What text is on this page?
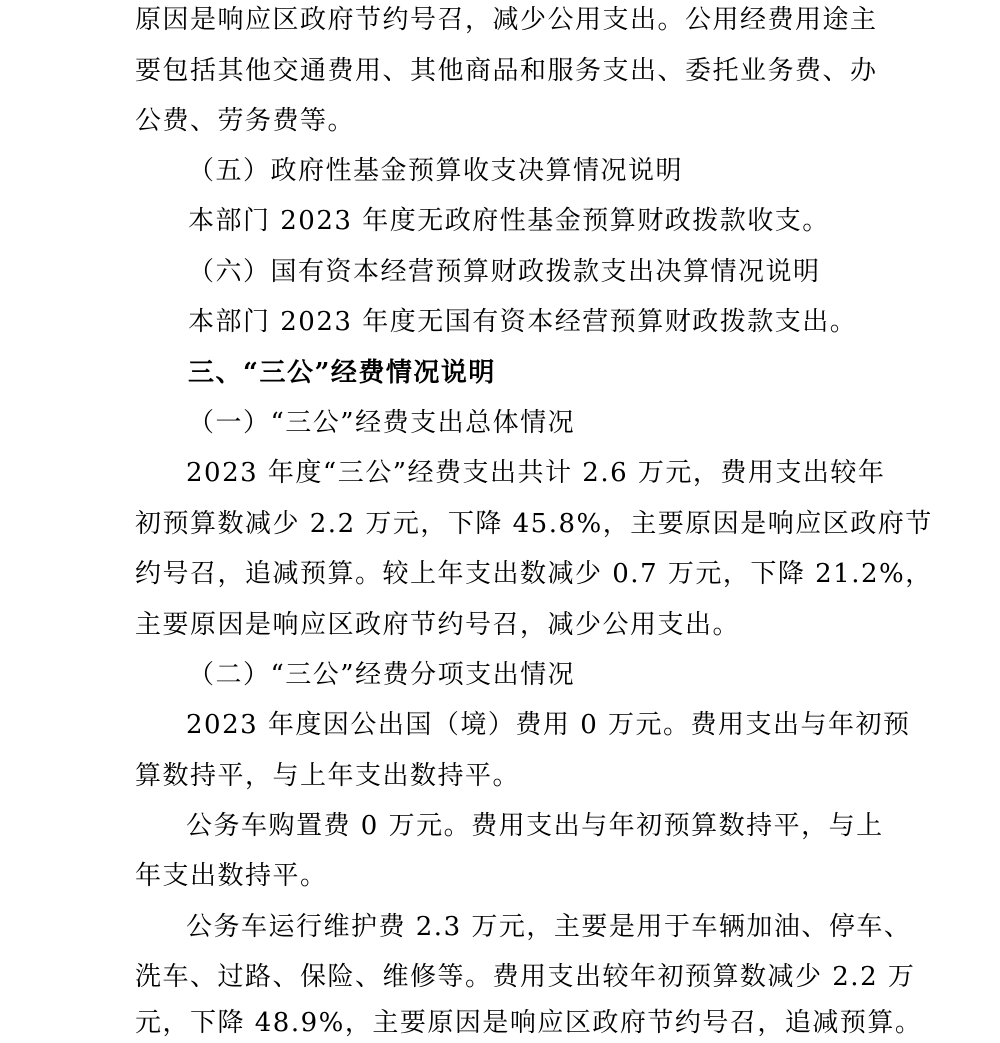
原因是响应区政府节约号召，减少公用支出。公用经费用途主
要包括其他交通费用、其他商品和服务支出、委托业务费、办
公费、劳务费等。
（五）政府性基金预算收支决算情况说明
本部门 2023 年度无政府性基金预算财政拨款收支。
（六）国有资本经营预算财政拨款支出决算情况说明
本部门 2023 年度无国有资本经营预算财政拨款支出。
三、“三公”经费情况说明
（一）“三公”经费支出总体情况
2023 年度“三公”经费支出共计 2.6 万元，费用支出较年
初预算数减少 2.2 万元，下降 45.8%，主要原因是响应区政府节
约号召，追减预算。较上年支出数减少 0.7 万元，下降 21.2%，
主要原因是响应区政府节约号召，减少公用支出。
（二）“三公”经费分项支出情况
2023 年度因公出国（境）费用 0 万元。费用支出与年初预
算数持平，与上年支出数持平。
公务车购置费 0 万元。费用支出与年初预算数持平，与上
年支出数持平。
公务车运行维护费 2.3 万元，主要是用于车辆加油、停车、
洗车、过路、保险、维修等。费用支出较年初预算数减少 2.2 万
元，下降 48.9%，主要原因是响应区政府节约号召，追减预算。
